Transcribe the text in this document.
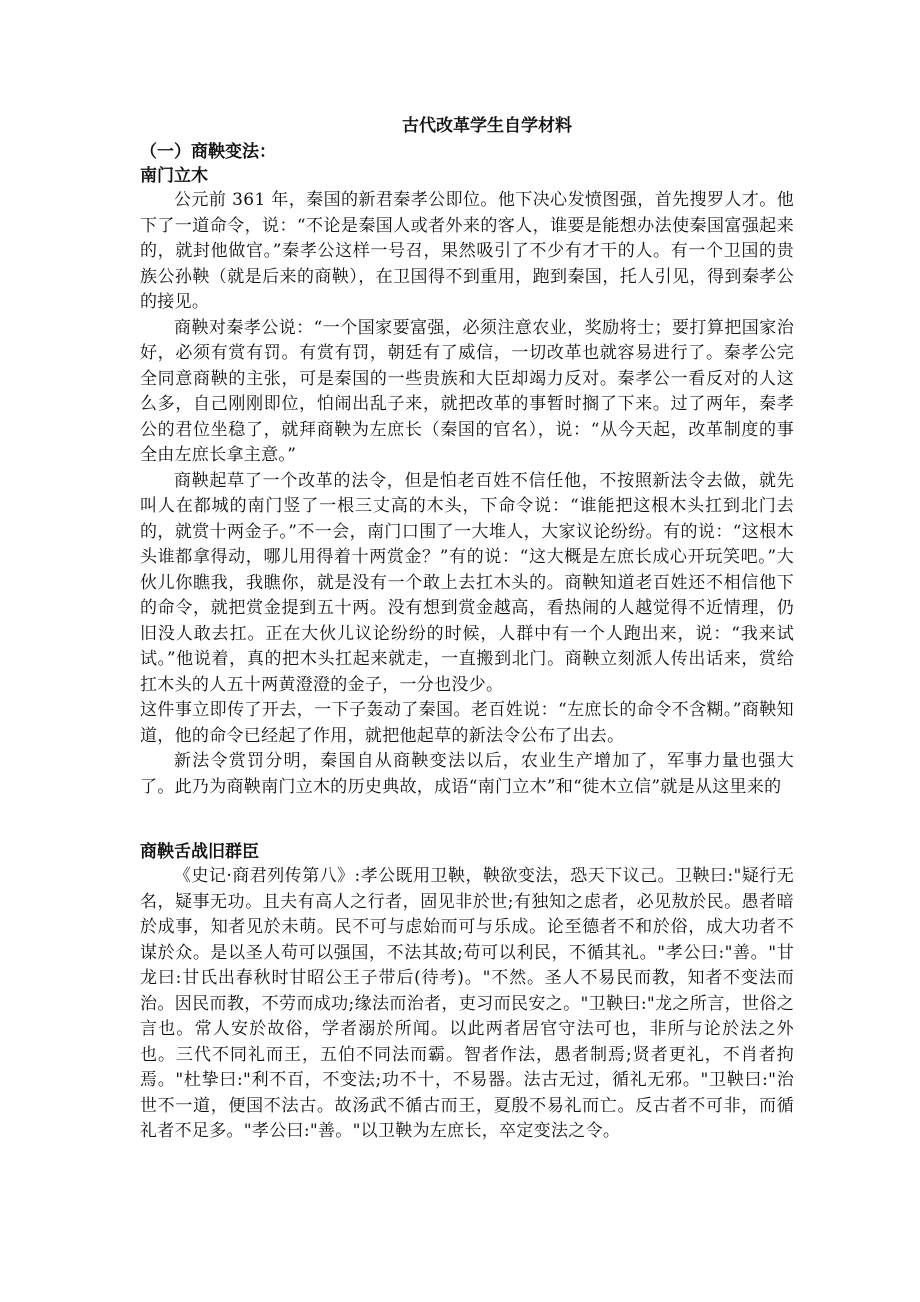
古代改革学生自学材料
（一）商鞅变法：
南门立木

公元前 361 年，秦国的新君秦孝公即位。他下决心发愤图强，首先搜罗人才。他下了一道命令，说：“不论是秦国人或者外来的客人，谁要是能想办法使秦国富强起来的，就封他做官。”秦孝公这样一号召，果然吸引了不少有才干的人。有一个卫国的贵族公孙鞅（就是后来的商鞅），在卫国得不到重用，跑到秦国，托人引见，得到秦孝公的接见。

商鞅对秦孝公说：“一个国家要富强，必须注意农业，奖励将士；要打算把国家治好，必须有赏有罚。有赏有罚，朝廷有了威信，一切改革也就容易进行了。秦孝公完全同意商鞅的主张，可是秦国的一些贵族和大臣却竭力反对。秦孝公一看反对的人这么多，自己刚刚即位，怕闹出乱子来，就把改革的事暂时搁了下来。过了两年，秦孝公的君位坐稳了，就拜商鞅为左庶长（秦国的官名），说：“从今天起，改革制度的事全由左庶长拿主意。”

商鞅起草了一个改革的法令，但是怕老百姓不信任他，不按照新法令去做，就先叫人在都城的南门竖了一根三丈高的木头，下命令说：“谁能把这根木头扛到北门去的，就赏十两金子。”不一会，南门口围了一大堆人，大家议论纷纷。有的说：“这根木头谁都拿得动，哪儿用得着十两赏金？”有的说：“这大概是左庶长成心开玩笑吧。”大伙儿你瞧我，我瞧你，就是没有一个敢上去扛木头的。商鞅知道老百姓还不相信他下的命令，就把赏金提到五十两。没有想到赏金越高，看热闹的人越觉得不近情理，仍旧没人敢去扛。正在大伙儿议论纷纷的时候，人群中有一个人跑出来，说：“我来试试。”他说着，真的把木头扛起来就走，一直搬到北门。商鞅立刻派人传出话来，赏给扛木头的人五十两黄澄澄的金子，一分也没少。

这件事立即传了开去，一下子轰动了秦国。老百姓说：“左庶长的命令不含糊。”商鞅知道，他的命令已经起了作用，就把他起草的新法令公布了出去。

新法令赏罚分明，秦国自从商鞅变法以后，农业生产增加了，军事力量也强大了。此乃为商鞅南门立木的历史典故，成语“南门立木”和“徙木立信”就是从这里来的

商鞅舌战旧群臣

《史记·商君列传第八》:孝公既用卫鞅，鞅欲变法，恐天下议己。卫鞅曰:"疑行无名，疑事无功。且夫有高人之行者，固见非於世;有独知之虑者，必见敖於民。愚者暗於成事，知者见於未萌。民不可与虑始而可与乐成。论至德者不和於俗，成大功者不谋於众。是以圣人苟可以强国，不法其故;苟可以利民，不循其礼。"孝公曰:"善。"甘龙曰:甘氏出春秋时甘昭公王子带后(待考)。"不然。圣人不易民而教，知者不变法而治。因民而教，不劳而成功;缘法而治者，吏习而民安之。"卫鞅曰:"龙之所言，世俗之言也。常人安於故俗，学者溺於所闻。以此两者居官守法可也，非所与论於法之外也。三代不同礼而王，五伯不同法而霸。智者作法，愚者制焉;贤者更礼，不肖者拘焉。"杜挚曰:"利不百，不变法;功不十，不易器。法古无过，循礼无邪。"卫鞅曰:"治世不一道，便国不法古。故汤武不循古而王，夏殷不易礼而亡。反古者不可非，而循礼者不足多。"孝公曰:"善。"以卫鞅为左庶长，卒定变法之令。
